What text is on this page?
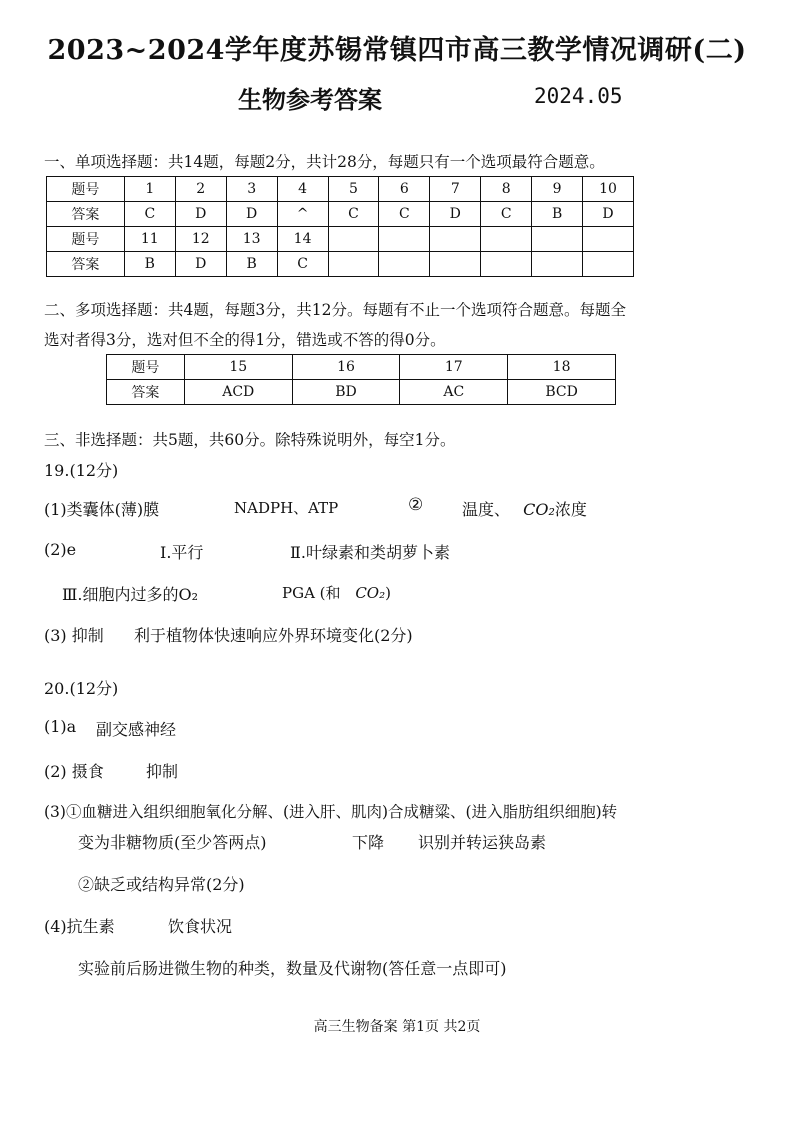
2023~2024学年度苏锡常镇四市高三教学情况调研(二)
生物参考答案	2024.05
一、单项选择题：共14题，每题2分，共计28分，每题只有一个选项最符合题意。
题号	1	2	3	4	5	6	7	8	9	10
答案	C	D	D	^	C	C	D	C	B	D
题号	11	12	13	14						
答案	B	D	B	C						
二、多项选择题：共4题，每题3分，共12分。每题有不止一个选项符合题意。每题全
选对者得3分，选对但不全的得1分，错选或不答的得0分。
题号	15	16	17	18
答案	ACD	BD	AC	BCD
三、非选择题：共5题，共60分。除特殊说明外，每空1分。
19.(12分)
(1)类囊体(薄)膜	NADPH、ATP	② 温度、 CO₂浓度
(2)e	Ⅰ.平行	Ⅱ.叶绿素和类胡萝卜素
Ⅲ.细胞内过多的O₂	PGA (和 CO₂)
(3) 抑制 利于植物体快速响应外界环境变化(2分)
20.(12分)
(1)a 副交感神经
(2) 摄食	抑制
(3)①血糖进入组织细胞氧化分解、(进入肝、肌肉)合成糖粱、(进入脂肪组织细胞)转
变为非糖物质(至少答两点)	下降 识别并转运狭岛素
②缺乏或结构异常(2分)
(4)抗生素	饮食状况
实验前后肠进微生物的种类，数量及代谢物(答任意一点即可)
高三生物备案 第1页 共2页
